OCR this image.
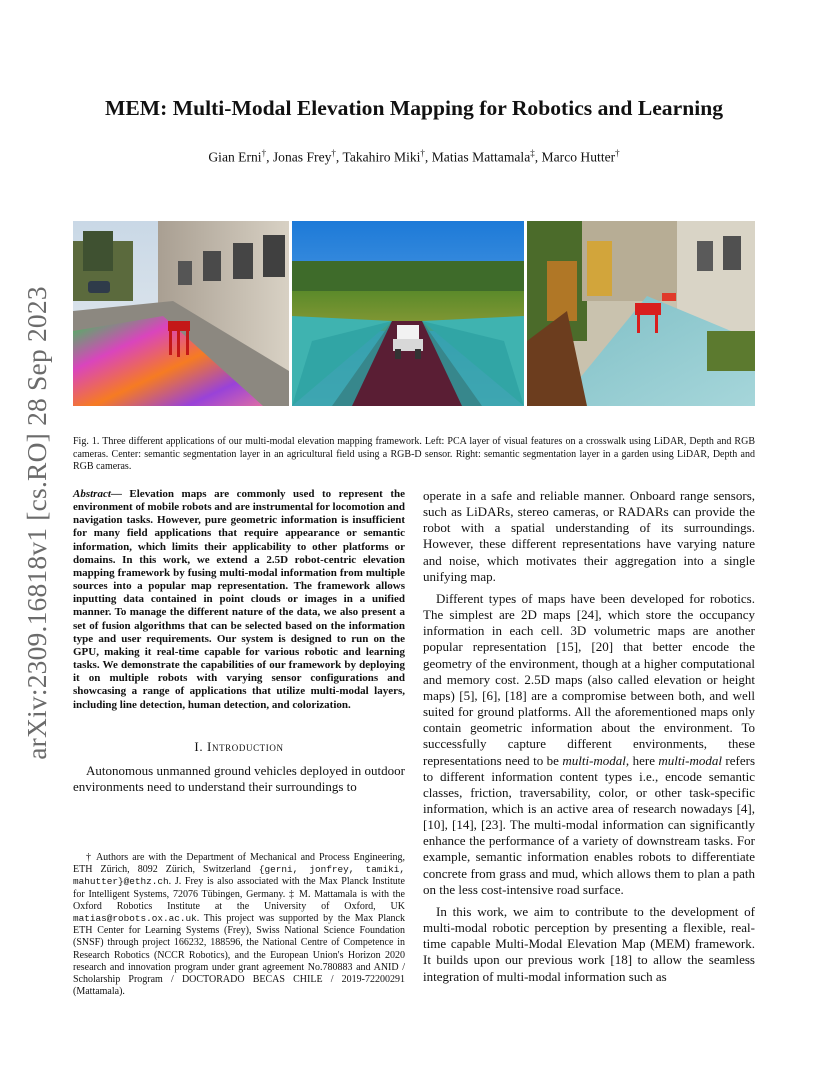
arXiv:2309.16818v1 [cs.RO] 28 Sep 2023
MEM: Multi-Modal Elevation Mapping for Robotics and Learning
Gian Erni†, Jonas Frey†, Takahiro Miki†, Matias Mattamala‡, Marco Hutter†
Fig. 1. Three different applications of our multi-modal elevation mapping framework. Left: PCA layer of visual features on a crosswalk using LiDAR, Depth and RGB cameras. Center: semantic segmentation layer in an agricultural field using a RGB-D sensor. Right: semantic segmentation layer in a garden using LiDAR, Depth and RGB cameras.

Abstract— Elevation maps are commonly used to represent the environment of mobile robots and are instrumental for locomotion and navigation tasks. However, pure geometric information is insufficient for many field applications that require appearance or semantic information, which limits their applicability to other platforms or domains. In this work, we extend a 2.5D robot-centric elevation mapping framework by fusing multi-modal information from multiple sources into a popular map representation. The framework allows inputting data contained in point clouds or images in a unified manner. To manage the different nature of the data, we also present a set of fusion algorithms that can be selected based on the information type and user requirements. Our system is designed to run on the GPU, making it real-time capable for various robotic and learning tasks. We demonstrate the capabilities of our framework by deploying it on multiple robots with varying sensor configurations and showcasing a range of applications that utilize multi-modal layers, including line detection, human detection, and colorization.

I. Introduction

Autonomous unmanned ground vehicles deployed in outdoor environments need to understand their surroundings to

† Authors are with the Department of Mechanical and Process Engineering, ETH Zürich, 8092 Zürich, Switzerland {gerni, jonfrey, tamiki, mahutter}@ethz.ch. J. Frey is also associated with the Max Planck Institute for Intelligent Systems, 72076 Tübingen, Germany. ‡ M. Mattamala is with the Oxford Robotics Institute at the University of Oxford, UK matias@robots.ox.ac.uk. This project was supported by the Max Planck ETH Center for Learning Systems (Frey), Swiss National Science Foundation (SNSF) through project 166232, 188596, the National Centre of Competence in Research Robotics (NCCR Robotics), and the European Union's Horizon 2020 research and innovation program under grant agreement No.780883 and ANID / Scholarship Program / DOCTORADO BECAS CHILE / 2019-72200291 (Mattamala).

operate in a safe and reliable manner. Onboard range sensors, such as LiDARs, stereo cameras, or RADARs can provide the robot with a spatial understanding of its surroundings. However, these different representations have varying nature and noise, which motivates their aggregation into a single unifying map.

Different types of maps have been developed for robotics. The simplest are 2D maps [24], which store the occupancy information in each cell. 3D volumetric maps are another popular representation [15], [20] that better encode the geometry of the environment, though at a higher computational and memory cost. 2.5D maps (also called elevation or height maps) [5], [6], [18] are a compromise between both, and well suited for ground platforms. All the aforementioned maps only contain geometric information about the environment. To successfully capture different environments, these representations need to be multi-modal, here multi-modal refers to different information content types i.e., encode semantic classes, friction, traversability, color, or other task-specific information, which is an active area of research nowadays [4], [10], [14], [23]. The multi-modal information can significantly enhance the performance of a variety of downstream tasks. For example, semantic information enables robots to differentiate concrete from grass and mud, which allows them to plan a path on the less cost-intensive road surface.

In this work, we aim to contribute to the development of multi-modal robotic perception by presenting a flexible, real-time capable Multi-Modal Elevation Map (MEM) framework. It builds upon our previous work [18] to allow the seamless integration of multi-modal information such as
